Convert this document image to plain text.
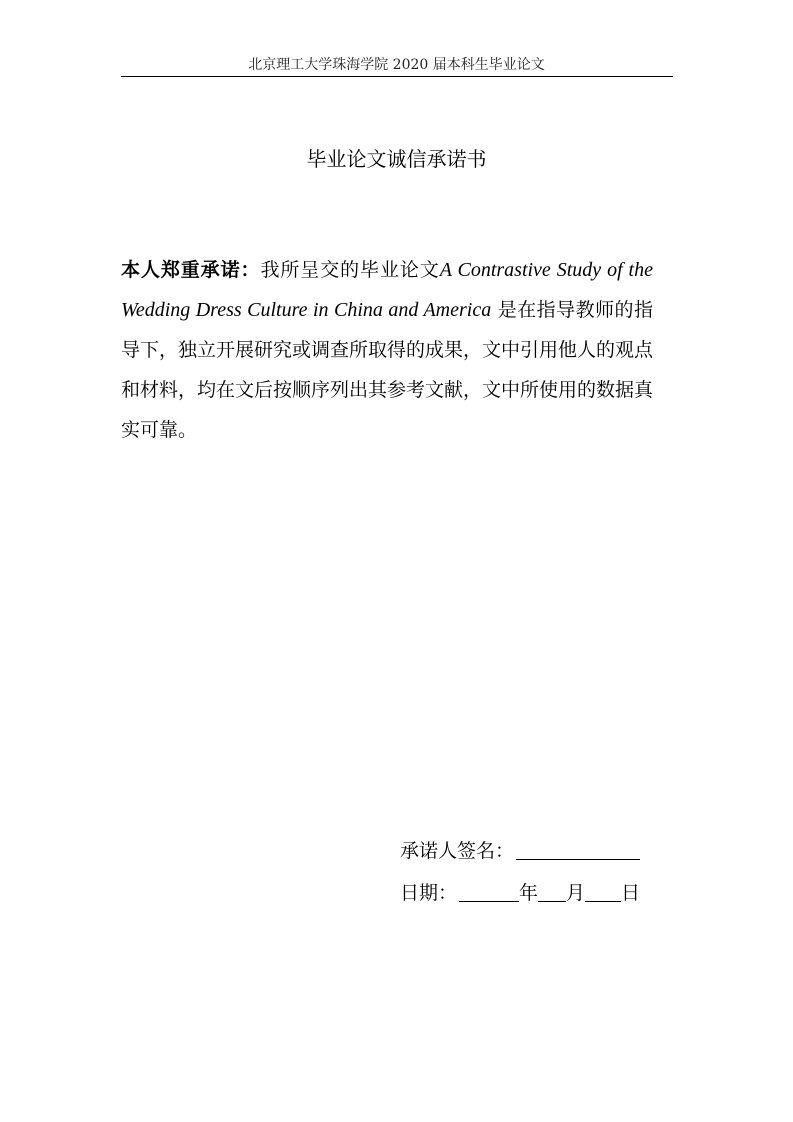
北京理工大学珠海学院 2020 届本科生毕业论文
毕业论文诚信承诺书

本人郑重承诺：我所呈交的毕业论文A Contrastive Study of the Wedding Dress Culture in China and America 是在指导教师的指导下，独立开展研究或调查所取得的成果，文中引用他人的观点和材料，均在文后按顺序列出其参考文献，文中所使用的数据真实可靠。

承诺人签名：
日期：	年 月 日
